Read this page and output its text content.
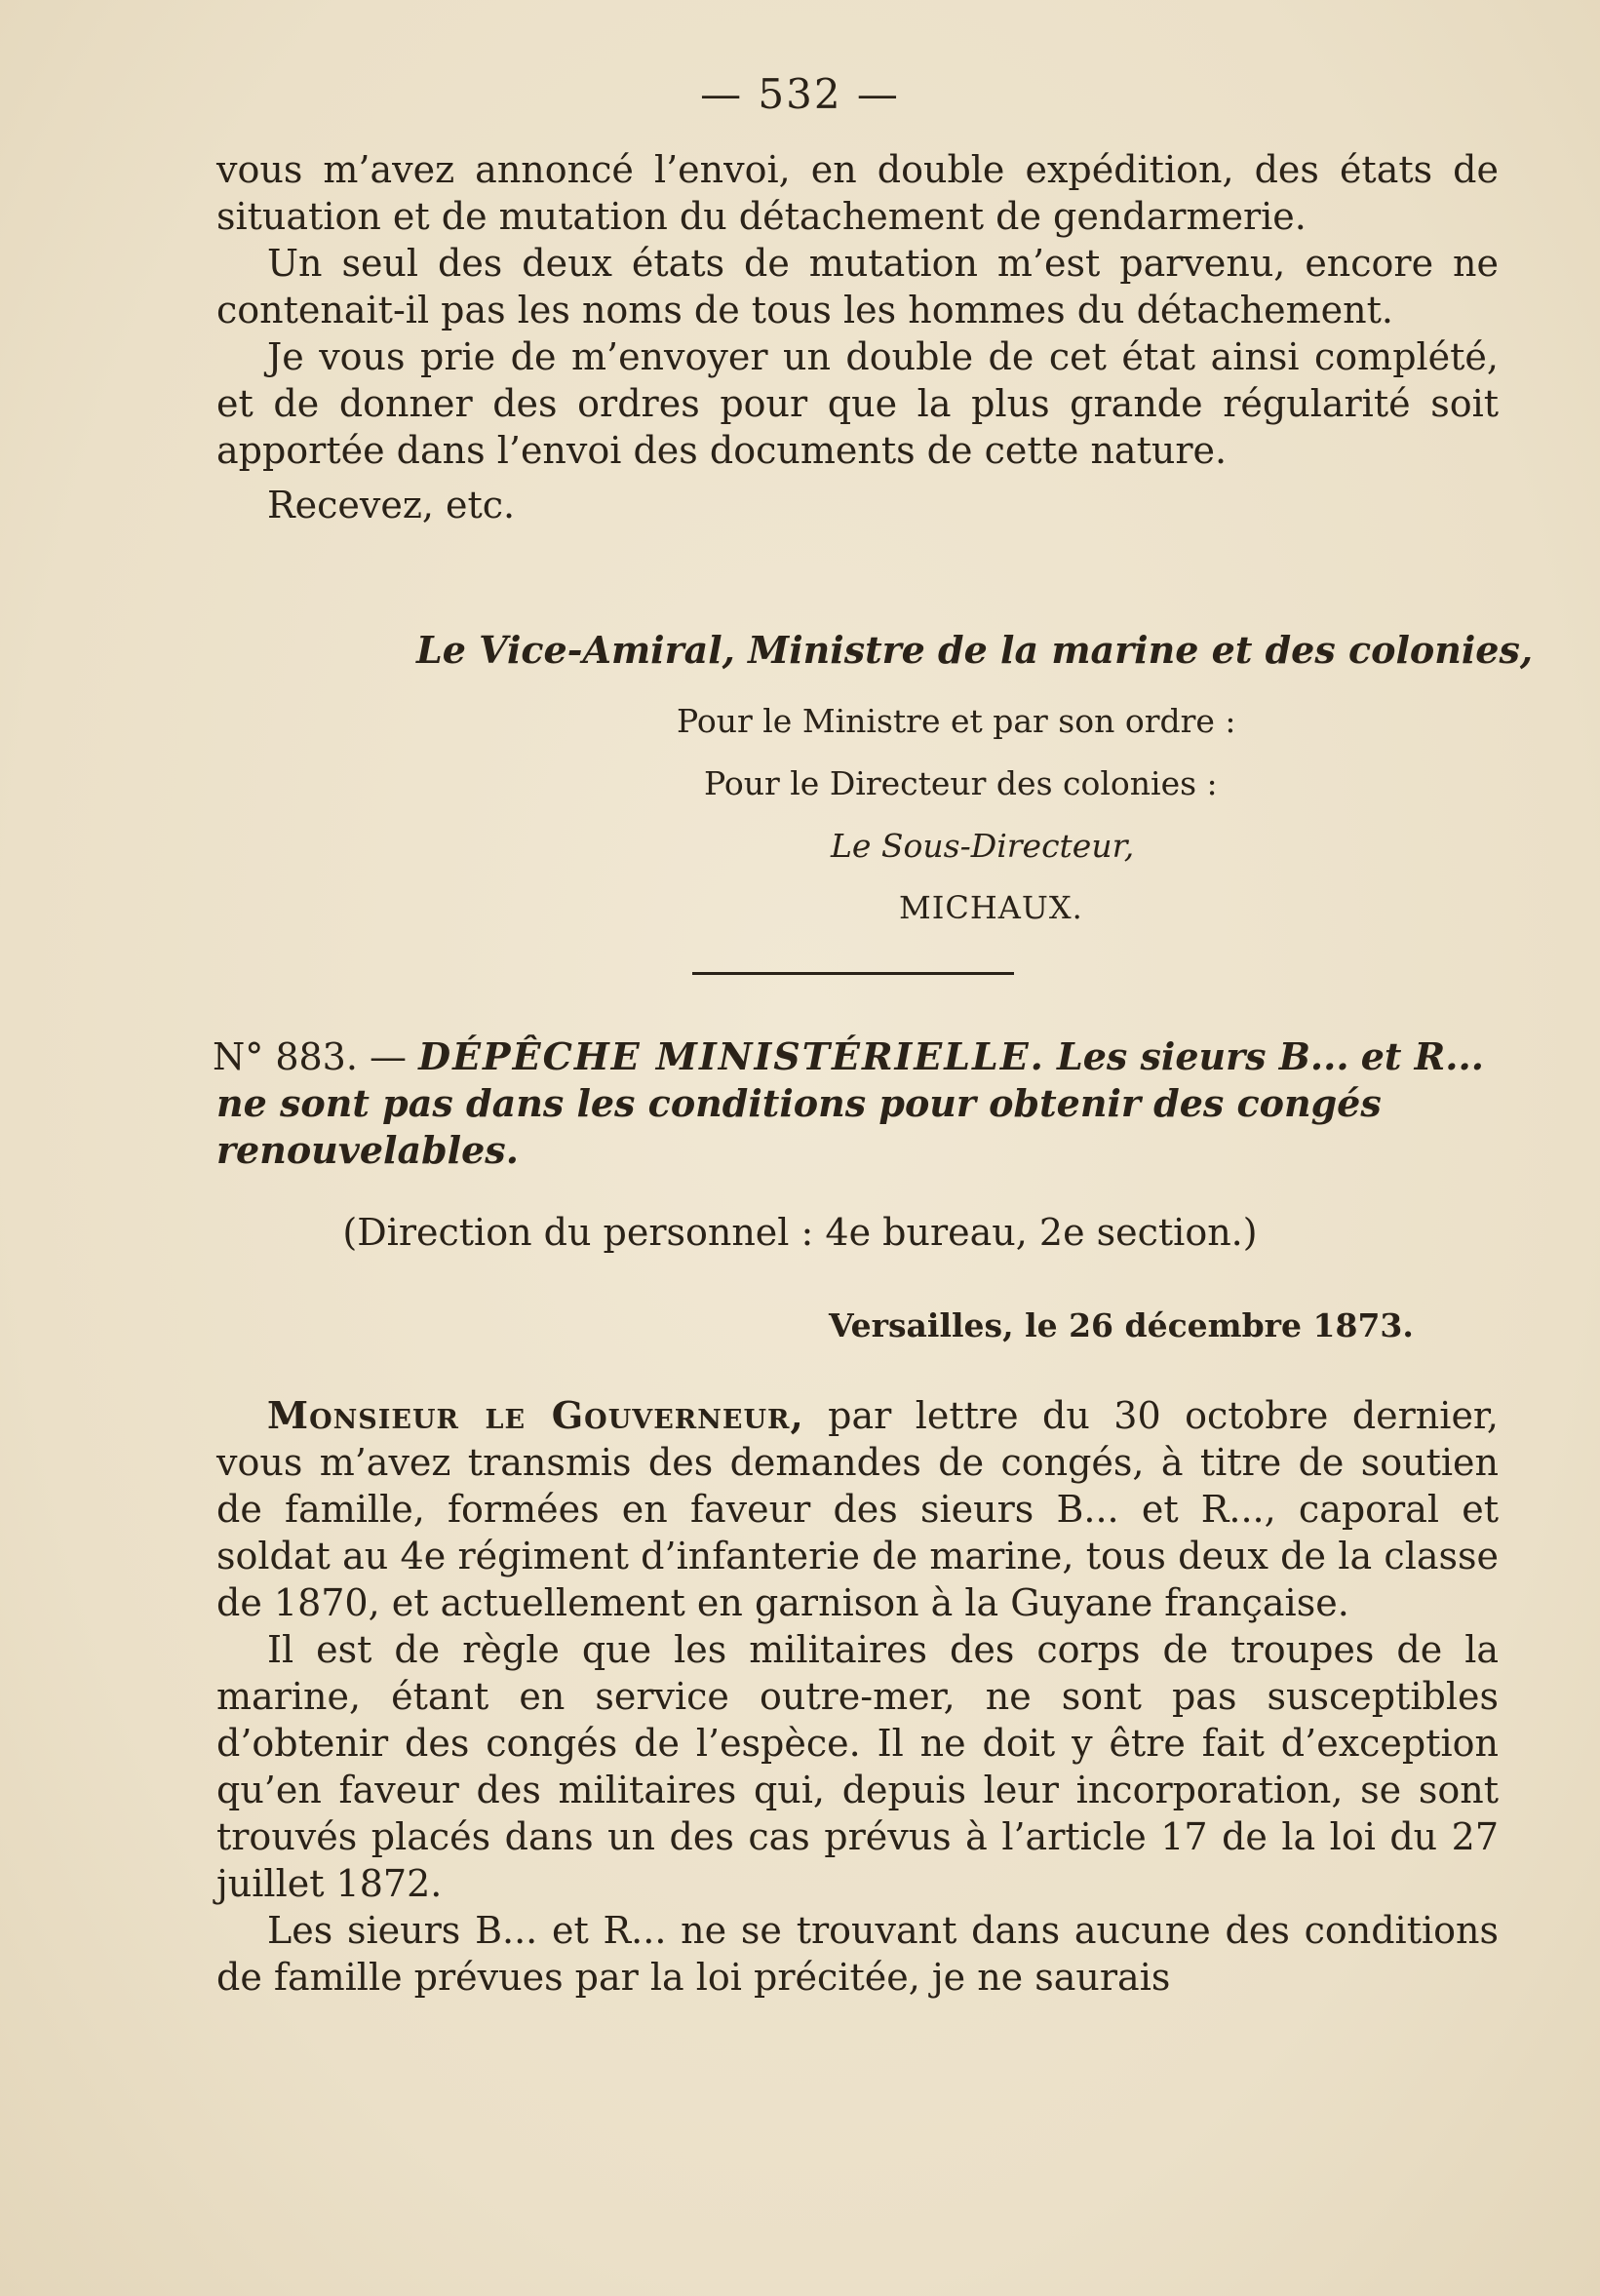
— 532 —

vous m’avez annoncé l’envoi, en double expédition, des états de situation et de mutation du détachement de gendarmerie.

Un seul des deux états de mutation m’est parvenu, encore ne contenait-il pas les noms de tous les hommes du détachement.

Je vous prie de m’envoyer un double de cet état ainsi complété, et de donner des ordres pour que la plus grande régularité soit apportée dans l’envoi des documents de cette nature.

Recevez, etc.

Le Vice-Amiral, Ministre de la marine et des colonies,
Pour le Ministre et par son ordre :
Pour le Directeur des colonies :
Le Sous-Directeur,
MICHAUX.

N° 883. — DÉPÊCHE MINISTÉRIELLE. Les sieurs B... et R... ne sont pas dans les conditions pour obtenir des congés renouvelables.

(Direction du personnel : 4e bureau, 2e section.)
Versailles, le 26 décembre 1873.

Monsieur le Gouverneur, par lettre du 30 octobre dernier, vous m’avez transmis des demandes de congés, à titre de soutien de famille, formées en faveur des sieurs B... et R..., caporal et soldat au 4e régiment d’infanterie de marine, tous deux de la classe de 1870, et actuellement en garnison à la Guyane française.

Il est de règle que les militaires des corps de troupes de la marine, étant en service outre-mer, ne sont pas susceptibles d’obtenir des congés de l’espèce. Il ne doit y être fait d’exception qu’en faveur des militaires qui, depuis leur incorporation, se sont trouvés placés dans un des cas prévus à l’article 17 de la loi du 27 juillet 1872.

Les sieurs B... et R... ne se trouvant dans aucune des conditions de famille prévues par la loi précitée, je ne saurais
